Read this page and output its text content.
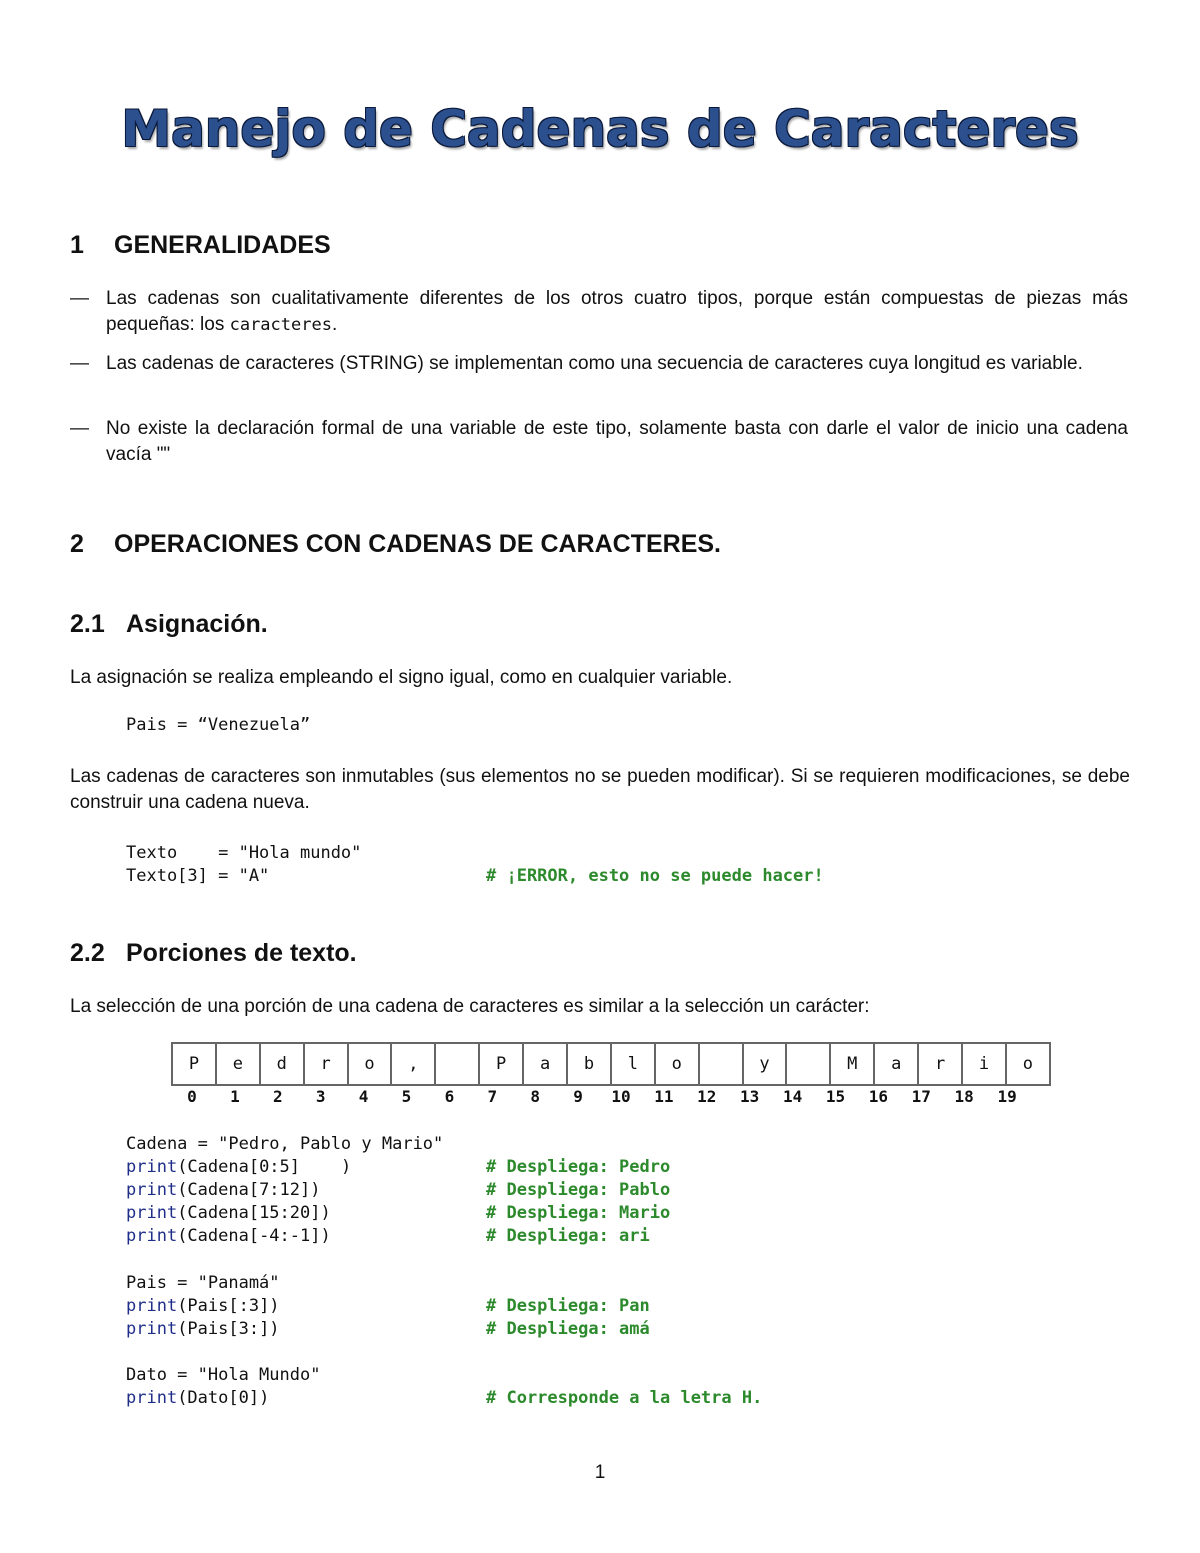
Manejo de Cadenas de Caracteres
1 GENERALIDADES
— Las cadenas son cualitativamente diferentes de los otros cuatro tipos, porque están compuestas de piezas más pequeñas: los caracteres.
— Las cadenas de caracteres (STRING) se implementan como una secuencia de caracteres cuya longitud es variable.
— No existe la declaración formal de una variable de este tipo, solamente basta con darle el valor de inicio una cadena vacía ""
2 OPERACIONES CON CADENAS DE CARACTERES.
2.1 Asignación.
La asignación se realiza empleando el signo igual, como en cualquier variable.
Pais = “Venezuela”
Las cadenas de caracteres son inmutables (sus elementos no se pueden modificar). Si se requieren modificaciones, se debe construir una cadena nueva.
Texto    = "Hola mundo"
Texto[3] = "A"	# ¡ERROR, esto no se puede hacer!
2.2 Porciones de texto.
La selección de una porción de una cadena de caracteres es similar a la selección un carácter:
P	e	d	r	o	,		P	a	b	l	o		y		M	a	r	i	o
0	1	2	3	4	5	6	7	8	9	10	11	12	13	14	15	16	17	18	19
Cadena = "Pedro, Pablo y Mario"
print(Cadena[0:5]    )	# Despliega: Pedro
print(Cadena[7:12])	# Despliega: Pablo
print(Cadena[15:20])	# Despliega: Mario
print(Cadena[-4:-1])	# Despliega: ari
Pais = "Panamá"
print(Pais[:3])	# Despliega: Pan
print(Pais[3:])	# Despliega: amá
Dato = "Hola Mundo"
print(Dato[0])	# Corresponde a la letra H.
1
